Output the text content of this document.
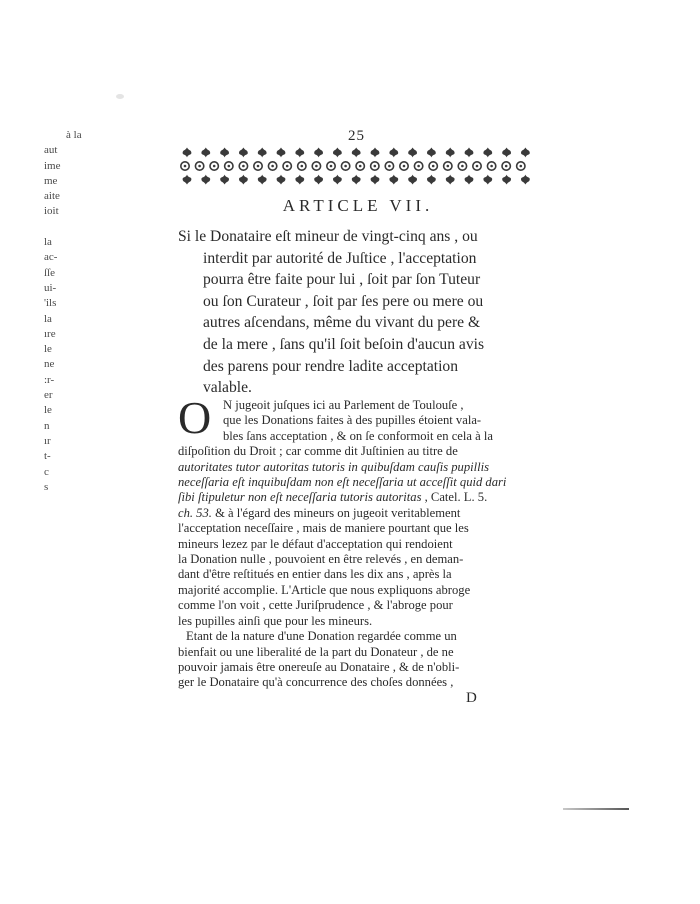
à la
aut
ime
me
aite
ioit
la
ac-
ſſe
ui-
'ils
la
ıre
le
ne
:r-
er
le
n
ır
t-
c
s
25
ARTICLE VII.
Si le Donataire eſt mineur de vingt-cinq ans , ou
interdit par autorité de Juſtice , l'acceptation
pourra être faite pour lui , ſoit par ſon Tuteur
ou ſon Curateur , ſoit par ſes pere ou mere ou
autres aſcendans, même du vivant du pere &
de la mere , ſans qu'il ſoit beſoin d'aucun avis
des parens pour rendre ladite acceptation
valable.
O N jugeoit juſques ici au Parlement de Toulouſe ,
que les Donations faites à des pupilles étoient vala-
bles ſans acceptation , & on ſe conformoit en cela à la
diſpoſition du Droit ; car comme dit Juſtinien au titre de
autoritates tutor autoritas tutoris in quibuſdam cauſis pupillis
neceſſaria eſt inquibuſdam non eſt neceſſaria ut acceſſit quid dari
ſibi ſtipuletur non eſt neceſſaria tutoris autoritas , Catel. L. 5.
ch. 53. & à l'égard des mineurs on jugeoit veritablement
l'acceptation neceſſaire , mais de maniere pourtant que les
mineurs lezez par le défaut d'acceptation qui rendoient
la Donation nulle , pouvoient en être relevés , en deman-
dant d'être reſtitués en entier dans les dix ans , après la
majorité accomplie. L'Article que nous expliquons abroge
comme l'on voit , cette Juriſprudence , & l'abroge pour
les pupilles ainſi que pour les mineurs.
Etant de la nature d'une Donation regardée comme un
bienfait ou une liberalité de la part du Donateur , de ne
pouvoir jamais être onereuſe au Donataire , & de n'obli-
ger le Donataire qu'à concurrence des choſes données ,
D
